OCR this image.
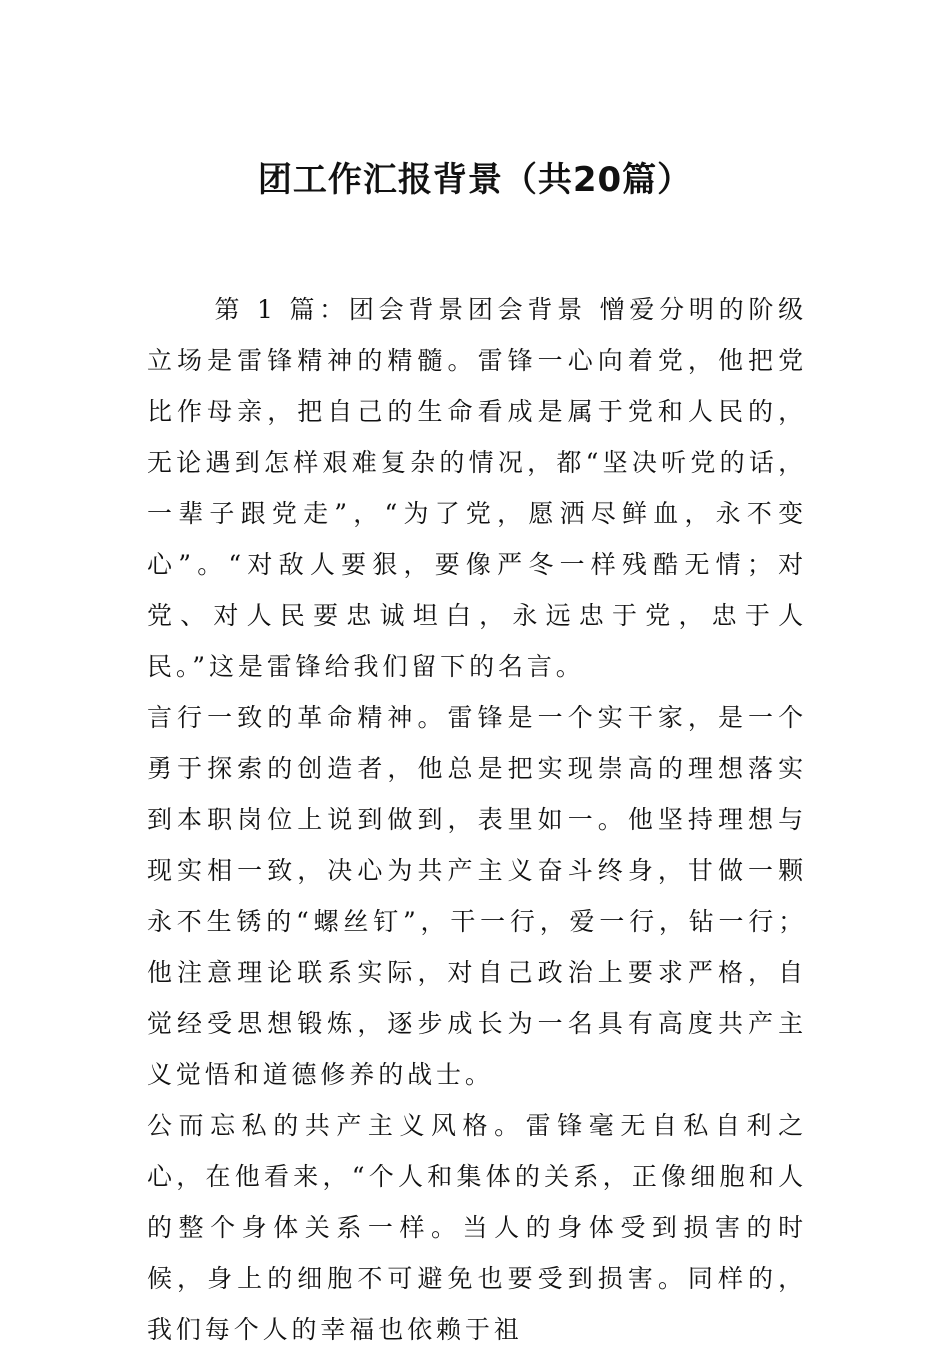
团工作汇报背景（共20篇）

第 1 篇：团会背景团会背景 憎爱分明的阶级立场是雷锋精神的精髓。雷锋一心向着党，他把党比作母亲，把自己的生命看成是属于党和人民的，无论遇到怎样艰难复杂的情况，都“坚决听党的话，一辈子跟党走”，“为了党，愿洒尽鲜血，永不变心”。“对敌人要狠，要像严冬一样残酷无情；对党、对人民要忠诚坦白，永远忠于党，忠于人民。”这是雷锋给我们留下的名言。

言行一致的革命精神。雷锋是一个实干家，是一个勇于探索的创造者，他总是把实现崇高的理想落实到本职岗位上说到做到，表里如一。他坚持理想与现实相一致，决心为共产主义奋斗终身，甘做一颗永不生锈的“螺丝钉”，干一行，爱一行，钻一行；他注意理论联系实际，对自己政治上要求严格，自觉经受思想锻炼，逐步成长为一名具有高度共产主义觉悟和道德修养的战士。

公而忘私的共产主义风格。雷锋毫无自私自利之心，在他看来，“个人和集体的关系，正像细胞和人的整个身体关系一样。当人的身体受到损害的时候，身上的细胞不可避免也要受到损害。同样的，我们每个人的幸福也依赖于祖
